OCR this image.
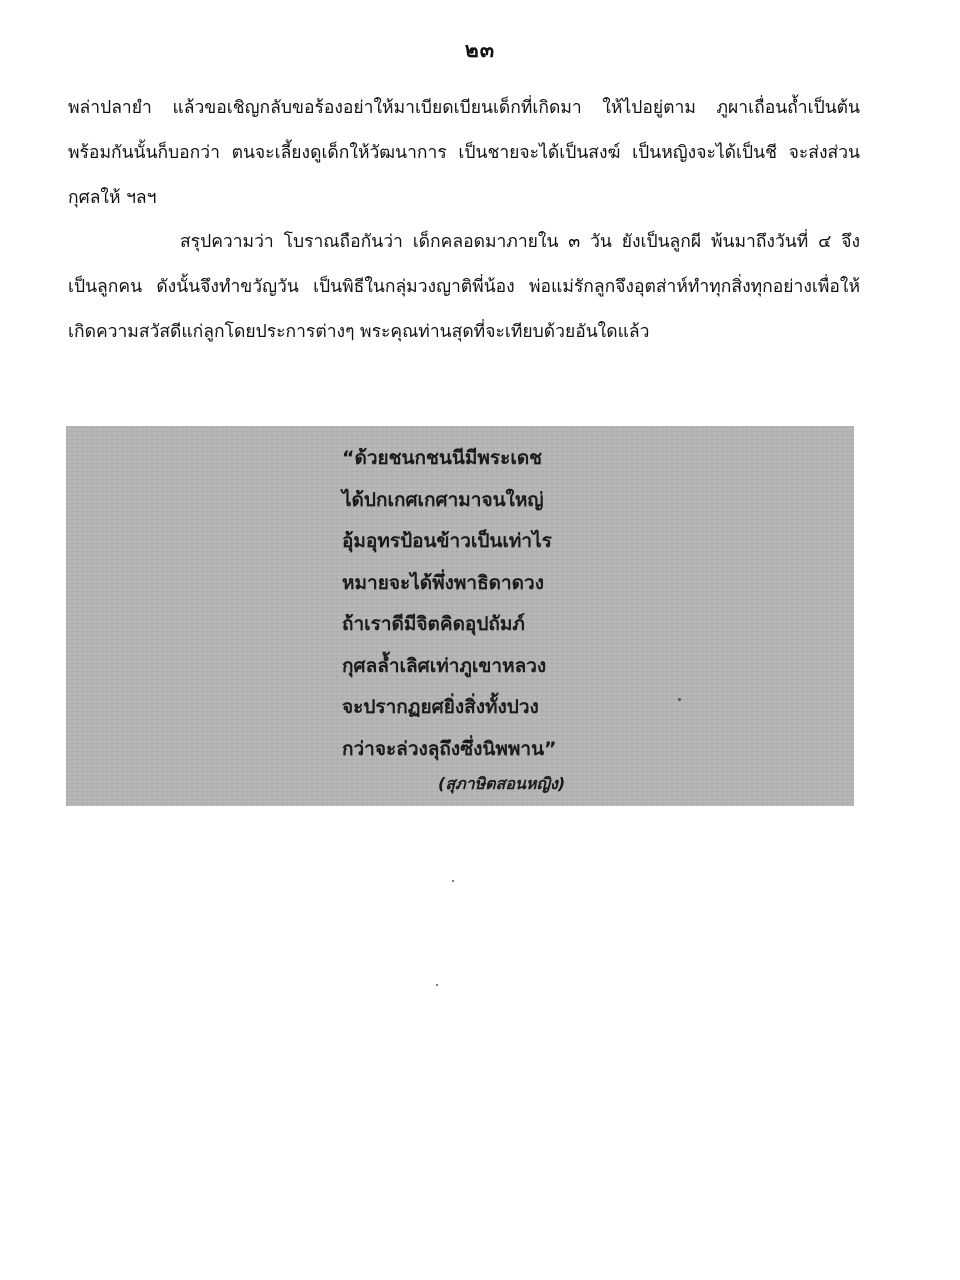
๒๓
พล่าปลายำ แล้วขอเชิญกลับขอร้องอย่าให้มาเบียดเบียนเด็กที่เกิดมา ให้ไปอยู่ตาม ภูผาเถื่อนถ้ำเป็นต้น
พร้อมกันนั้นก็บอกว่า ตนจะเลี้ยงดูเด็กให้วัฒนาการ เป็นชายจะได้เป็นสงฆ์ เป็นหญิงจะได้เป็นชี จะส่งส่วน
กุศลให้ ฯลฯ
สรุปความว่า โบราณถือกันว่า เด็กคลอดมาภายใน ๓ วัน ยังเป็นลูกผี พ้นมาถึงวันที่ ๔ จึง
เป็นลูกคน ดังนั้นจึงทำขวัญวัน เป็นพิธีในกลุ่มวงญาติพี่น้อง พ่อแม่รักลูกจึงอุตส่าห์ทำทุกสิ่งทุกอย่างเพื่อให้
เกิดความสวัสดีแก่ลูกโดยประการต่างๆ พระคุณท่านสุดที่จะเทียบด้วยอันใดแล้ว
“ด้วยชนกชนนีมีพระเดช
ได้ปกเกศเกศามาจนใหญ่
อุ้มอุทรป้อนข้าวเป็นเท่าไร
หมายจะได้พึ่งพาธิดาดวง
ถ้าเราดีมีจิตคิดอุปถัมภ์
กุศลล้ำเลิศเท่าภูเขาหลวง
จะปรากฏยศยิ่งสิ่งทั้งปวง
กว่าจะล่วงลุถึงซึ่งนิพพาน”
(สุภาษิตสอนหญิง)
